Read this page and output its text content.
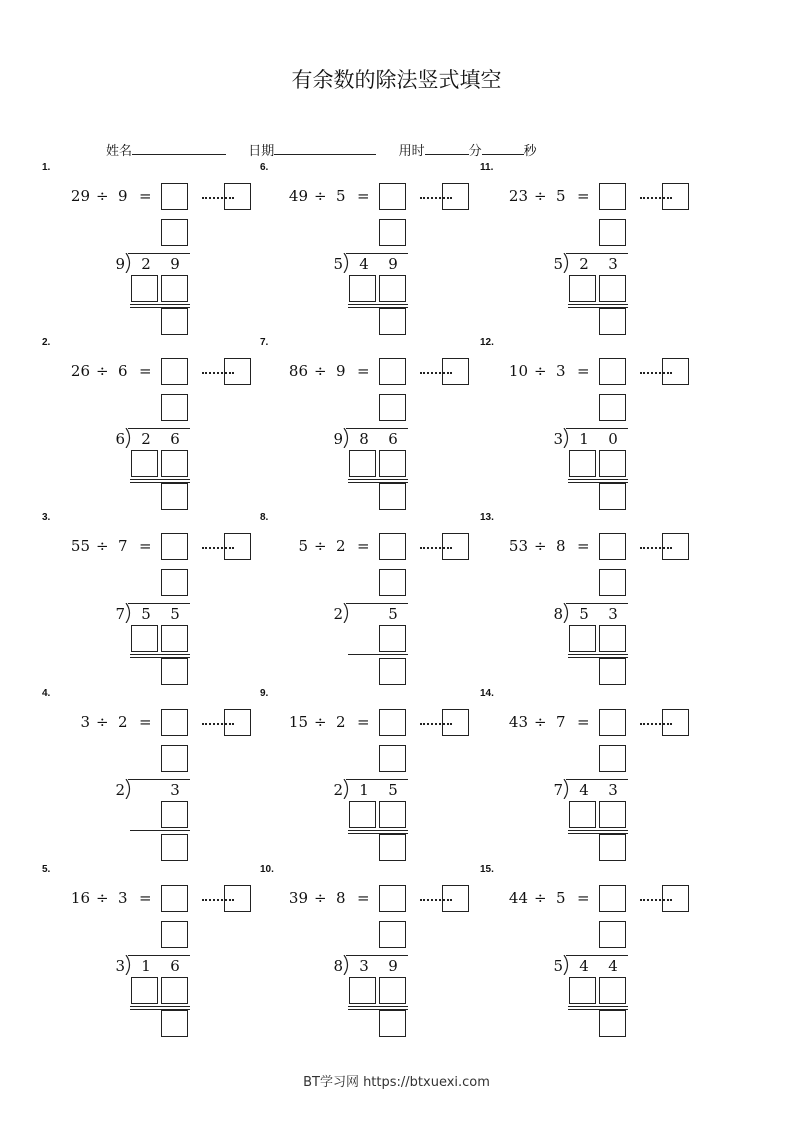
有余数的除法竖式填空
姓名	日期	用时	分	秒
1.
29 ÷ 9 =
9 2 9
2.
26 ÷ 6 =
6 2 6
3.
55 ÷ 7 =
7 5 5
4.
3 ÷ 2 =
2	3
5.
16 ÷ 3 =
3 1 6
6.
49 ÷ 5 =
5 4 9
7.
86 ÷ 9 =
9 8 6
8.
5 ÷ 2 =
2	5
9.
15 ÷ 2 =
2 1 5
10.
39 ÷ 8 =
8 3 9
11.
23 ÷ 5 =
5 2 3
12.
10 ÷ 3 =
3 1 0
13.
53 ÷ 8 =
8 5 3
14.
43 ÷ 7 =
7 4 3
15.
44 ÷ 5 =
5 4 4
BT学习网 https://btxuexi.com
